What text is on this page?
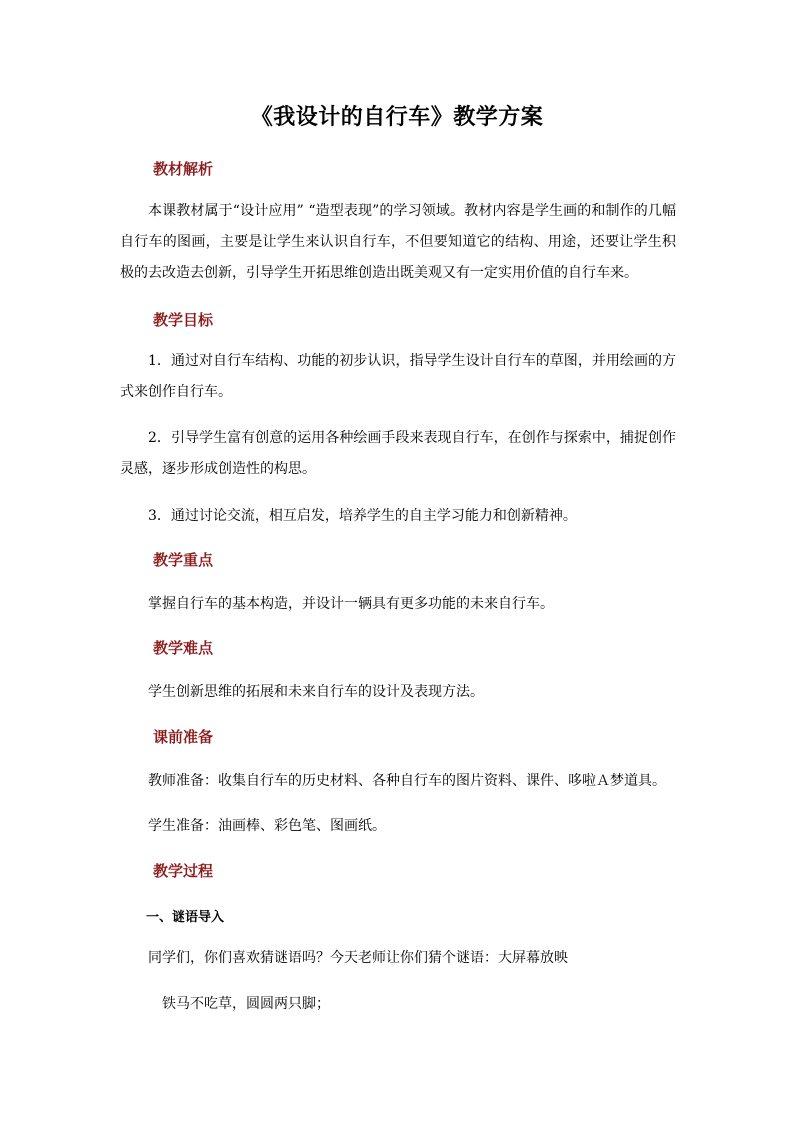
《我设计的自行车》教学方案
教材解析
本课教材属于“设计应用” “造型表现”的学习领域。教材内容是学生画的和制作的几幅自行车的图画，主要是让学生来认识自行车，不但要知道它的结构、用途，还要让学生积极的去改造去创新，引导学生开拓思维创造出既美观又有一定实用价值的自行车来。
教学目标
1．通过对自行车结构、功能的初步认识，指导学生设计自行车的草图，并用绘画的方式来创作自行车。
2．引导学生富有创意的运用各种绘画手段来表现自行车，在创作与探索中，捕捉创作灵感，逐步形成创造性的构思。
3．通过讨论交流，相互启发，培养学生的自主学习能力和创新精神。
教学重点
掌握自行车的基本构造，并设计一辆具有更多功能的未来自行车。
教学难点
学生创新思维的拓展和未来自行车的设计及表现方法。
课前准备
教师准备：收集自行车的历史材料、各种自行车的图片资料、课件、哆啦Ａ梦道具。
学生准备：油画棒、彩色笔、图画纸。
教学过程
一、谜语导入
同学们，你们喜欢猜谜语吗？今天老师让你们猜个谜语：大屏幕放映
铁马不吃草，圆圆两只脚；
